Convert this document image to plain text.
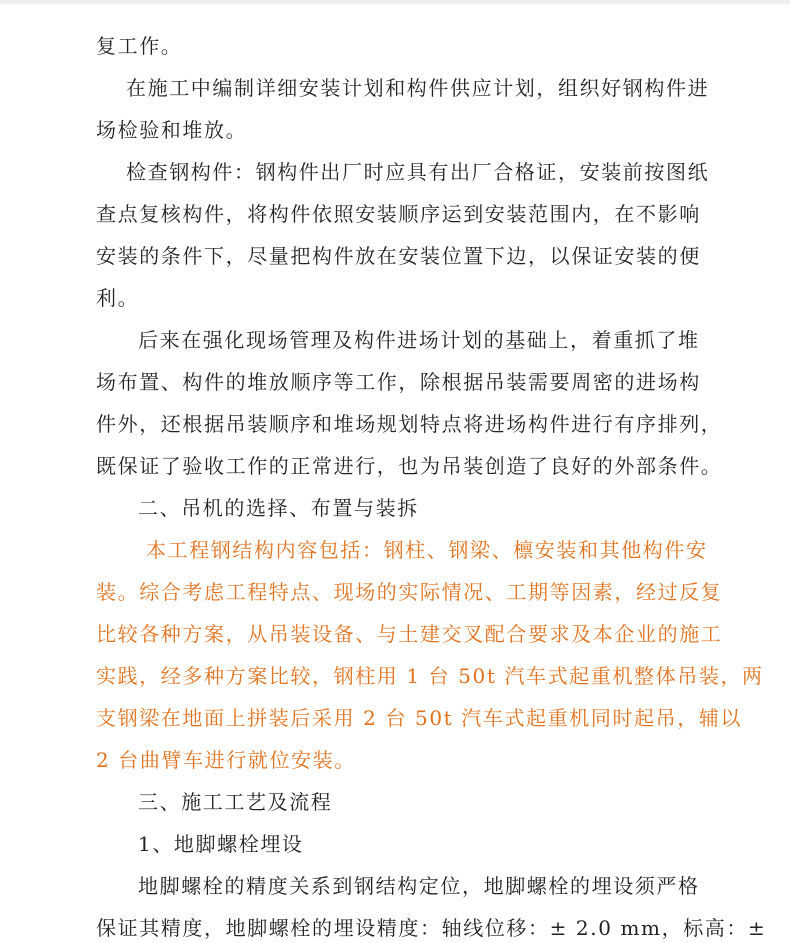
复工作。
在施工中编制详细安装计划和构件供应计划，组织好钢构件进
场检验和堆放。
检查钢构件：钢构件出厂时应具有出厂合格证，安装前按图纸
查点复核构件，将构件依照安装顺序运到安装范围内，在不影响
安装的条件下，尽量把构件放在安装位置下边，以保证安装的便
利。
后来在强化现场管理及构件进场计划的基础上，着重抓了堆
场布置、构件的堆放顺序等工作，除根据吊装需要周密的进场构
件外，还根据吊装顺序和堆场规划特点将进场构件进行有序排列，
既保证了验收工作的正常进行，也为吊装创造了良好的外部条件。
二、吊机的选择、布置与装拆
本工程钢结构内容包括：钢柱、钢梁、檩安装和其他构件安
装。综合考虑工程特点、现场的实际情况、工期等因素，经过反复
比较各种方案，从吊装设备、与土建交叉配合要求及本企业的施工
实践，经多种方案比较，钢柱用 1 台 50t 汽车式起重机整体吊装，两
支钢梁在地面上拼装后采用 2 台 50t 汽车式起重机同时起吊，辅以
2 台曲臂车进行就位安装。
三、施工工艺及流程
1、地脚螺栓埋设
地脚螺栓的精度关系到钢结构定位，地脚螺栓的埋设须严格
保证其精度，地脚螺栓的埋设精度：轴线位移：± 2.0 mm，标高：±
